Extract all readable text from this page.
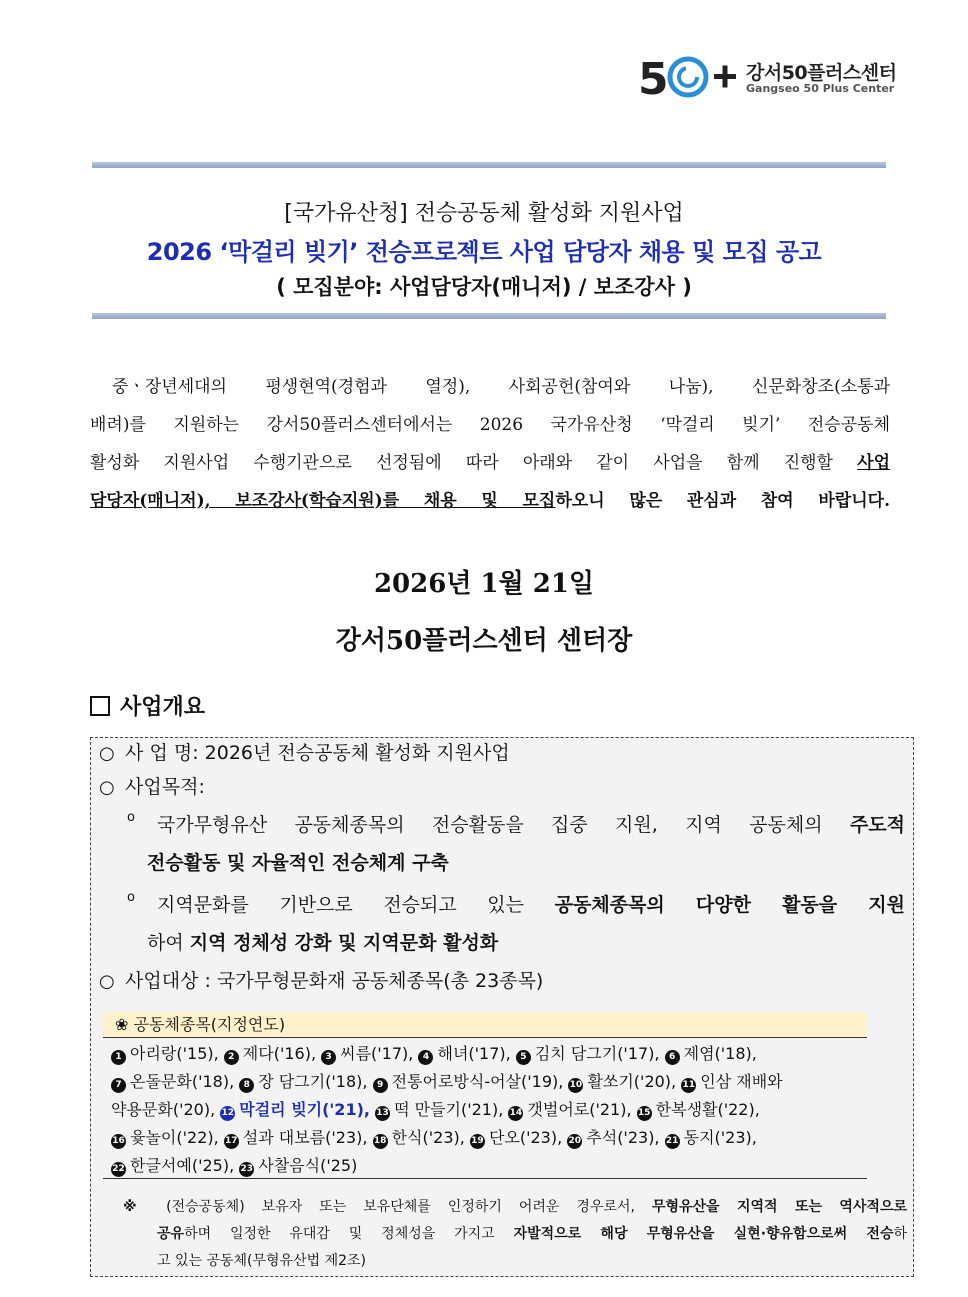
5	강서50플러스센터
Gangseo 50 Plus Center
[국가유산청] 전승공동체 활성화 지원사업
2026 ‘막걸리 빚기’ 전승프로젝트 사업 담당자 채용 및 모집 공고
( 모집분야: 사업담당자(매니저) / 보조강사 )
중ㆍ장년세대의 평생현역(경험과 열정), 사회공헌(참여와 나눔), 신문화창조(소통과
배려)를 지원하는 강서50플러스센터에서는 2026 국가유산청 ‘막걸리 빚기’ 전승공동체
활성화 지원사업 수행기관으로 선정됨에 따라 아래와 같이 사업을 함께 진행할 사업
담당자(매니저), 보조강사(학습지원)를 채용 및 모집하오니 많은 관심과 참여 바랍니다.
2026년 1월 21일
강서50플러스센터 센터장
사업개요
○ 사 업 명: 2026년 전승공동체 활성화 지원사업
○ 사업목적:
o 국가무형유산 공동체종목의 전승활동을 집중 지원, 지역 공동체의 주도적
전승활동 및 자율적인 전승체계 구축
o 지역문화를 기반으로 전승되고 있는 공동체종목의 다양한 활동을 지원
하여 지역 정체성 강화 및 지역문화 활성화
○ 사업대상 : 국가무형문화재 공동체종목(총 23종목)
❀ 공동체종목(지정연도)
1 아리랑('15), 2 제다('16), 3 씨름('17), 4 해녀('17), 5 김치 담그기('17), 6 제염('18),
7 온돌문화('18), 8 장 담그기('18), 9 전통어로방식-어살('19), 10 활쏘기('20), 11 인삼 재배와
약용문화('20), 12 막걸리 빚기('21), 13 떡 만들기('21), 14 갯벌어로('21), 15 한복생활('22),
16 윷놀이('22), 17 설과 대보름('23), 18 한식('23), 19 단오('23), 20 추석('23), 21 동지('23),
22 한글서예('25), 23 사찰음식('25)
※ (전승공동체) 보유자 또는 보유단체를 인정하기 어려운 경우로서, 무형유산을 지역적 또는 역사적으로
공유하며 일정한 유대감 및 정체성을 가지고 자발적으로 해당 무형유산을 실현·향유함으로써 전승하
고 있는 공동체(무형유산법 제2조)
